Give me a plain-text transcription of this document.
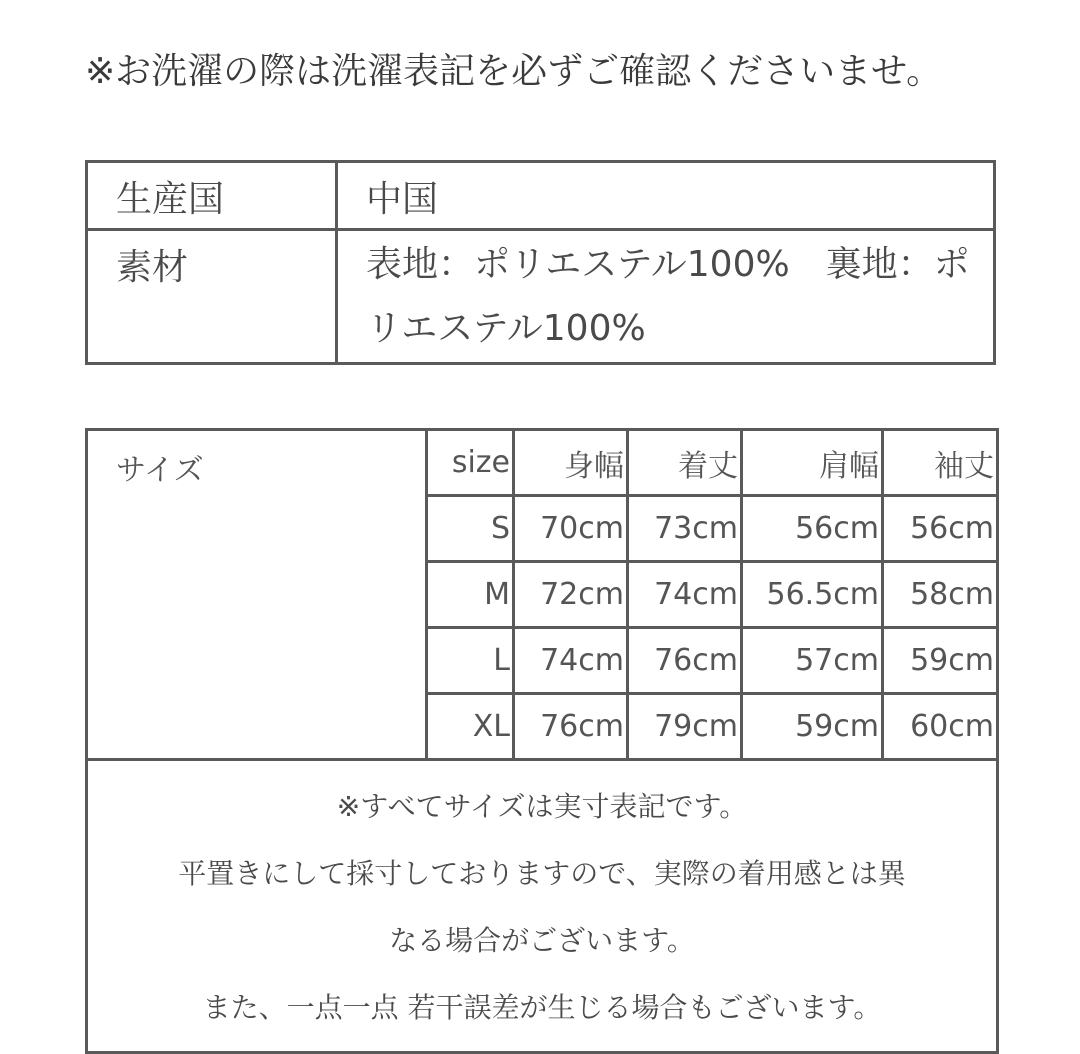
※お洗濯の際は洗濯表記を必ずご確認くださいませ。

生産国	中国
素材	表地：ポリエステル100%　裏地：ポリエステル100%
サイズ	size	身幅	着丈	肩幅	袖丈
	S	70cm	73cm	56cm	56cm
	M	72cm	74cm	56.5cm	58cm
	L	74cm	76cm	57cm	59cm
	XL	76cm	79cm	59cm	60cm

※すべてサイズは実寸表記です。
平置きにして採寸しておりますので、実際の着用感とは異
なる場合がございます。
また、一点一点 若干誤差が生じる場合もございます。					
